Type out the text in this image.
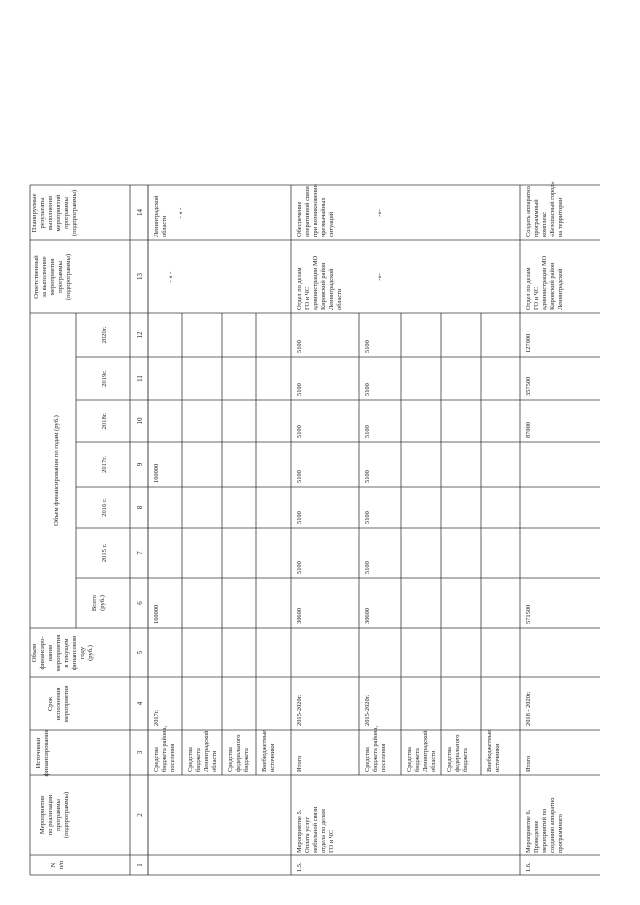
N п/п
Мероприятия по реализации программы (подпрограммы)
Источники финансирования
Срок исполнения мероприятия
Объем финансиро- вания мероприятия в текущем финансовом году (руб.)
Объем финансирования по годам (руб.)
Всего (руб.)
2015 г.
2016 г.
2017г.
2018г.
2019г.
2020г.
Ответственный за выполнение мероприятия программы (подпрограммы)
Планируемые результаты выполнения мероприятий программы (подпрограммы)
1
2
3
4
5
6
7
8
9
10
11
12
13
14
Средства бюджета района, поселения
2017г.
160000
160000
Средства бюджета Ленинградской области Средства федерального бюджета Внебюджетные источники
- « -
Ленинградской области
- « -
Итого
2015-2020г.
30600
5100
5100
5100
5100
5100
5100
Средства бюджета района, поселения
2015-2020г.
30600
5100
5100
5100
5100
5100
5100
Средства бюджета Ленинградской области Средства федерального бюджета	Внебюджетные источники
1.5.
Мероприятие 5. Оплата услуг мобильной связи отдела по делам ГО и ЧС
Отдел по делам ГО и ЧС администрации МО Кировский район Ленинградской области
Обеспечение оперативной связи при возникновении чрезвычайных ситуаций
-«-
-«-
Итого
2018 - 2020г.
571500
87000
357500
127000
1.6.
Мероприятие 6. Проведение мероприятий по созданию аппаратно программного
Отдел по делам ГО и ЧС администрации МО Кировский район Ленинградской
Создать аппаратно программный комплекс «Безопасный город» на территории
